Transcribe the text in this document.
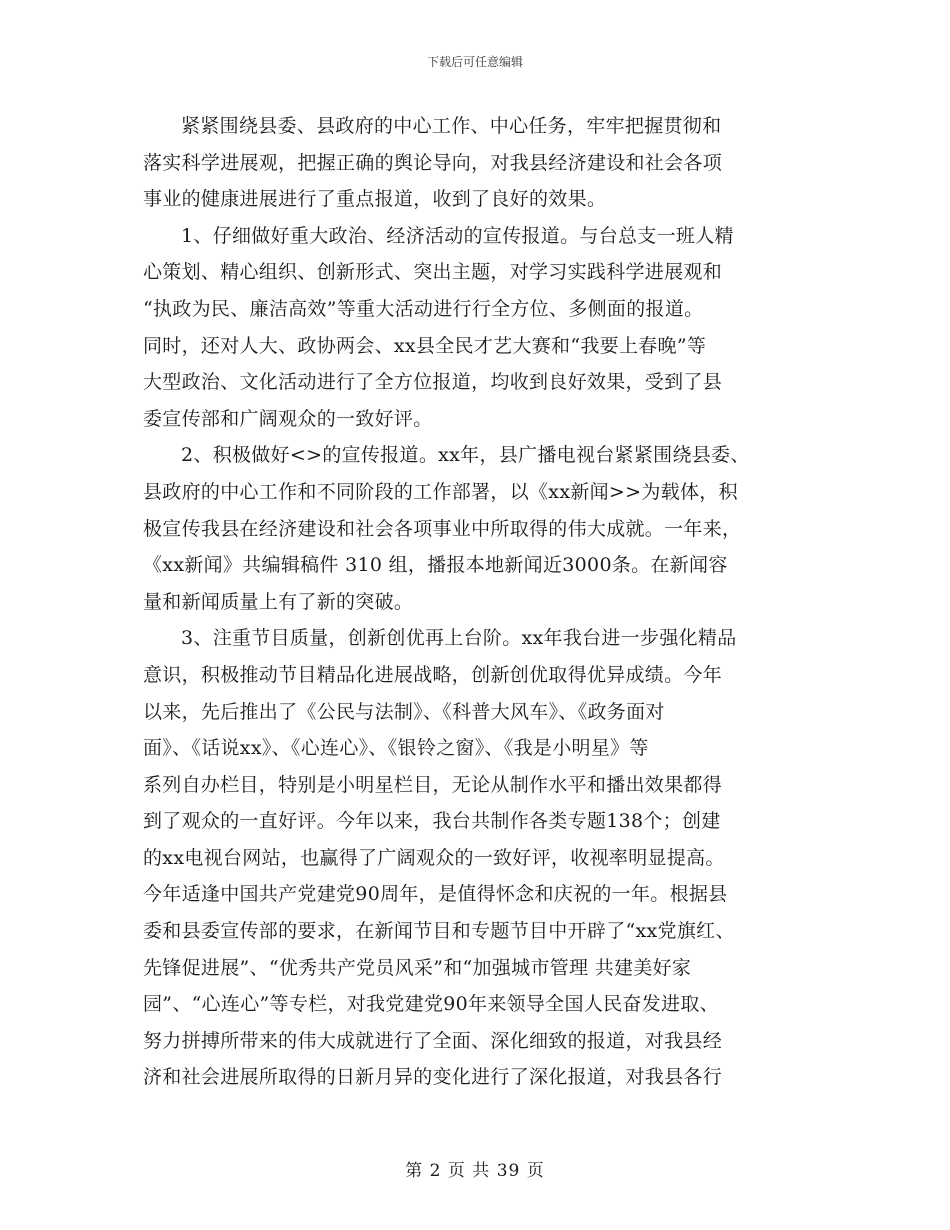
下载后可任意编辑
紧紧围绕县委、县政府的中心工作、中心任务，牢牢把握贯彻和
落实科学进展观，把握正确的舆论导向，对我县经济建设和社会各项
事业的健康进展进行了重点报道，收到了良好的效果。
1、仔细做好重大政治、经济活动的宣传报道。与台总支一班人精
心策划、精心组织、创新形式、突出主题，对学习实践科学进展观和
“执政为民、廉洁高效”等重大活动进行行全方位、多侧面的报道。
同时，还对人大、政协两会、xx县全民才艺大赛和“我要上春晚”等
大型政治、文化活动进行了全方位报道，均收到良好效果，受到了县
委宣传部和广阔观众的一致好评。
2、积极做好<>的宣传报道。xx年，县广播电视台紧紧围绕县委、
县政府的中心工作和不同阶段的工作部署，以《xx新闻>>为载体，积
极宣传我县在经济建设和社会各项事业中所取得的伟大成就。一年来，
《xx新闻》共编辑稿件 310 组，播报本地新闻近3000条。在新闻容
量和新闻质量上有了新的突破。
3、注重节目质量，创新创优再上台阶。xx年我台进一步强化精品
意识，积极推动节目精品化进展战略，创新创优取得优异成绩。今年
以来，先后推出了《公民与法制》、《科普大风车》、《政务面对
面》、《话说xx》、《心连心》、《银铃之窗》、《我是小明星》等
系列自办栏目，特别是小明星栏目，无论从制作水平和播出效果都得
到了观众的一直好评。今年以来，我台共制作各类专题138个；创建
的xx电视台网站，也赢得了广阔观众的一致好评，收视率明显提高。
今年适逢中国共产党建党90周年，是值得怀念和庆祝的一年。根据县
委和县委宣传部的要求，在新闻节目和专题节目中开辟了“xx党旗红、
先锋促进展”、“优秀共产党员风采”和“加强城市管理 共建美好家
园”、“心连心”等专栏，对我党建党90年来领导全国人民奋发进取、
努力拼搏所带来的伟大成就进行了全面、深化细致的报道，对我县经
济和社会进展所取得的日新月异的变化进行了深化报道，对我县各行
第 2 页 共 39 页
